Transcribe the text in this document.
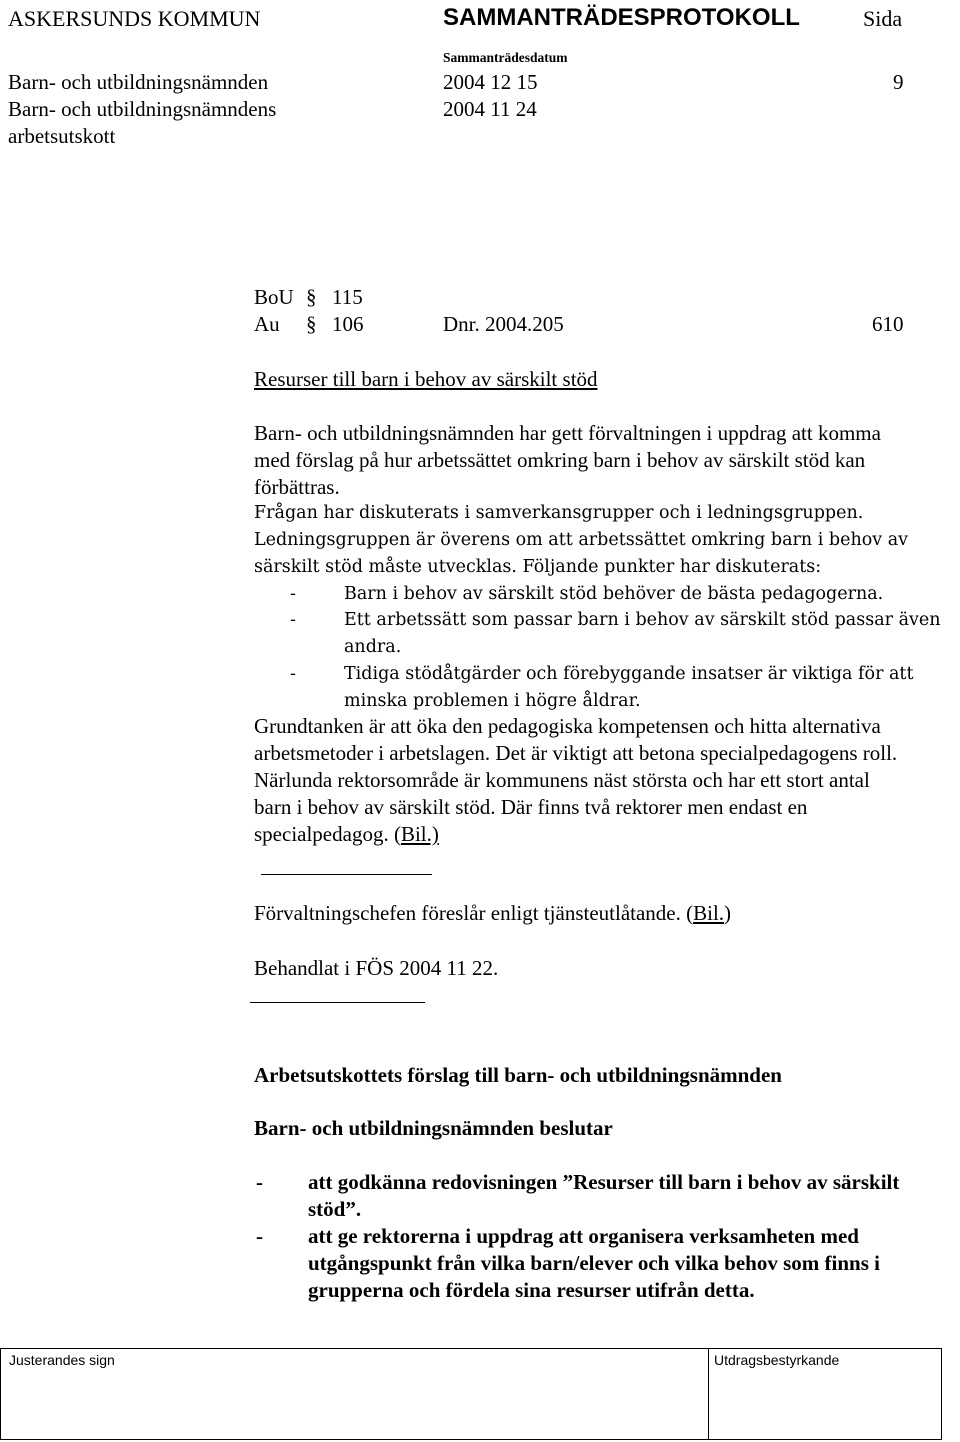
ASKERSUNDS KOMMUN	SAMMANTRÄDESPROTOKOLL	Sida
Sammanträdesdatum
Barn- och utbildningsnämnden	2004 12 15	9
Barn- och utbildningsnämndens	2004 11 24
arbetsutskott
BoU § 115
Au § 106	Dnr. 2004.205	610
Resurser till barn i behov av särskilt stöd
Barn- och utbildningsnämnden har gett förvaltningen i uppdrag att komma
med förslag på hur arbetssättet omkring barn i behov av särskilt stöd kan
förbättras.
Frågan har diskuterats i samverkansgrupper och i ledningsgruppen.
Ledningsgruppen är överens om att arbetssättet omkring barn i behov av
särskilt stöd måste utvecklas. Följande punkter har diskuterats:
-	Barn i behov av särskilt stöd behöver de bästa pedagogerna.
-	Ett arbetssätt som passar barn i behov av särskilt stöd passar även
andra.
-	Tidiga stödåtgärder och förebyggande insatser är viktiga för att
minska problemen i högre åldrar.
Grundtanken är att öka den pedagogiska kompetensen och hitta alternativa
arbetsmetoder i arbetslagen. Det är viktigt att betona specialpedagogens roll.
Närlunda rektorsområde är kommunens näst största och har ett stort antal
barn i behov av särskilt stöd. Där finns två rektorer men endast en
specialpedagog. (Bil.)
Förvaltningschefen föreslår enligt tjänsteutlåtande. (Bil.)
Behandlat i FÖS 2004 11 22.
Arbetsutskottets förslag till barn- och utbildningsnämnden
Barn- och utbildningsnämnden beslutar
- att godkänna redovisningen ”Resurser till barn i behov av särskilt
stöd”.
- att ge rektorerna i uppdrag att organisera verksamheten med
utgångspunkt från vilka barn/elever och vilka behov som finns i
grupperna och fördela sina resurser utifrån detta.
Justerandes sign	Utdragsbestyrkande
